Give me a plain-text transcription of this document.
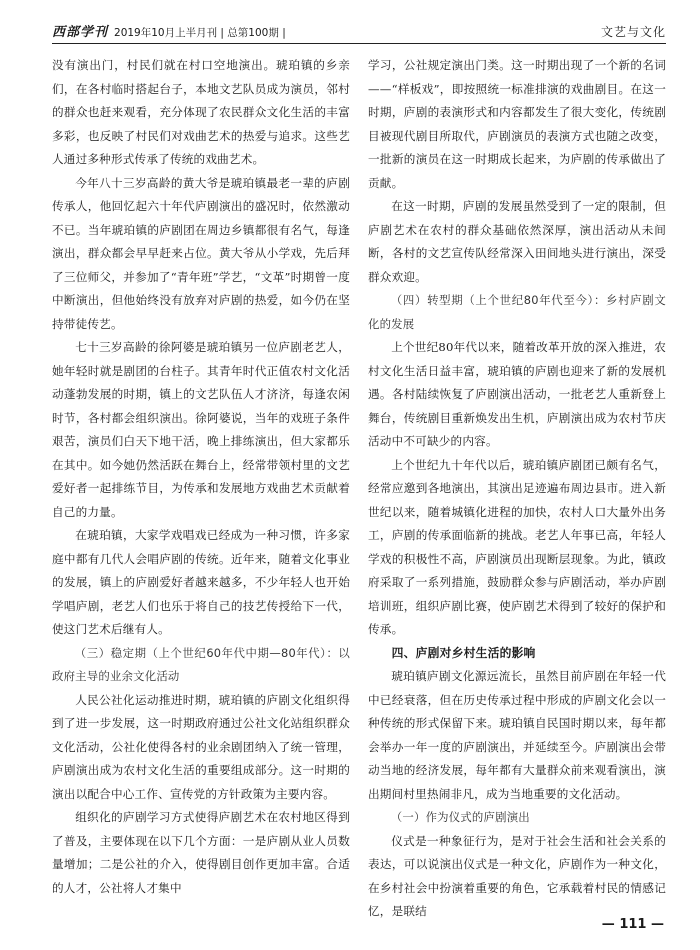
西部学刊 2019年10月上半月刊 | 总第100期 |	文艺与文化

没有演出门，村民们就在村口空地演出。琥珀镇的乡亲们，在各村临时搭起台子，本地文艺队员成为演员，邻村的群众也赶来观看，充分体现了农民群众文化生活的丰富多彩，也反映了村民们对戏曲艺术的热爱与追求。这些艺人通过多种形式传承了传统的戏曲艺术。

今年八十三岁高龄的黄大爷是琥珀镇最老一辈的庐剧传承人，他回忆起六十年代庐剧演出的盛况时，依然激动不已。当年琥珀镇的庐剧团在周边乡镇都很有名气，每逢演出，群众都会早早赶来占位。黄大爷从小学戏，先后拜了三位师父，并参加了“青年班”学艺，“文革”时期曾一度中断演出，但他始终没有放弃对庐剧的热爱，如今仍在坚持带徒传艺。

七十三岁高龄的徐阿婆是琥珀镇另一位庐剧老艺人，她年轻时就是剧团的台柱子。其青年时代正值农村文化活动蓬勃发展的时期，镇上的文艺队伍人才济济，每逢农闲时节，各村都会组织演出。徐阿婆说，当年的戏班子条件艰苦，演员们白天下地干活，晚上排练演出，但大家都乐在其中。如今她仍然活跃在舞台上，经常带领村里的文艺爱好者一起排练节目，为传承和发展地方戏曲艺术贡献着自己的力量。

在琥珀镇，大家学戏唱戏已经成为一种习惯，许多家庭中都有几代人会唱庐剧的传统。近年来，随着文化事业的发展，镇上的庐剧爱好者越来越多，不少年轻人也开始学唱庐剧，老艺人们也乐于将自己的技艺传授给下一代，使这门艺术后继有人。

（三）稳定期（上个世纪60年代中期—80年代）：以政府主导的业余文化活动

人民公社化运动推进时期，琥珀镇的庐剧文化组织得到了进一步发展，这一时期政府通过公社文化站组织群众文化活动，公社化使得各村的业余剧团纳入了统一管理，庐剧演出成为农村文化生活的重要组成部分。这一时期的演出以配合中心工作、宣传党的方针政策为主要内容。

组织化的庐剧学习方式使得庐剧艺术在农村地区得到了普及，主要体现在以下几个方面：一是庐剧从业人员数量增加；二是公社的介入，使得剧目创作更加丰富。合适的人才，公社将人才集中

学习，公社规定演出门类。这一时期出现了一个新的名词——“样板戏”，即按照统一标准排演的戏曲剧目。在这一时期，庐剧的表演形式和内容都发生了很大变化，传统剧目被现代剧目所取代，庐剧演员的表演方式也随之改变，一批新的演员在这一时期成长起来，为庐剧的传承做出了贡献。

在这一时期，庐剧的发展虽然受到了一定的限制，但庐剧艺术在农村的群众基础依然深厚，演出活动从未间断，各村的文艺宣传队经常深入田间地头进行演出，深受群众欢迎。

（四）转型期（上个世纪80年代至今）：乡村庐剧文化的发展

上个世纪80年代以来，随着改革开放的深入推进，农村文化生活日益丰富，琥珀镇的庐剧也迎来了新的发展机遇。各村陆续恢复了庐剧演出活动，一批老艺人重新登上舞台，传统剧目重新焕发出生机，庐剧演出成为农村节庆活动中不可缺少的内容。

上个世纪九十年代以后，琥珀镇庐剧团已颇有名气，经常应邀到各地演出，其演出足迹遍布周边县市。进入新世纪以来，随着城镇化进程的加快，农村人口大量外出务工，庐剧的传承面临新的挑战。老艺人年事已高，年轻人学戏的积极性不高，庐剧演员出现断层现象。为此，镇政府采取了一系列措施，鼓励群众参与庐剧活动，举办庐剧培训班，组织庐剧比赛，使庐剧艺术得到了较好的保护和传承。

四、庐剧对乡村生活的影响

琥珀镇庐剧文化源远流长，虽然目前庐剧在年轻一代中已经衰落，但在历史传承过程中形成的庐剧文化会以一种传统的形式保留下来。琥珀镇自民国时期以来，每年都会举办一年一度的庐剧演出，并延续至今。庐剧演出会带动当地的经济发展，每年都有大量群众前来观看演出，演出期间村里热闹非凡，成为当地重要的文化活动。

（一）作为仪式的庐剧演出

仪式是一种象征行为，是对于社会生活和社会关系的表达，可以说演出仪式是一种文化，庐剧作为一种文化，在乡村社会中扮演着重要的角色，它承载着村民的情感记忆，是联结

— 111 —
